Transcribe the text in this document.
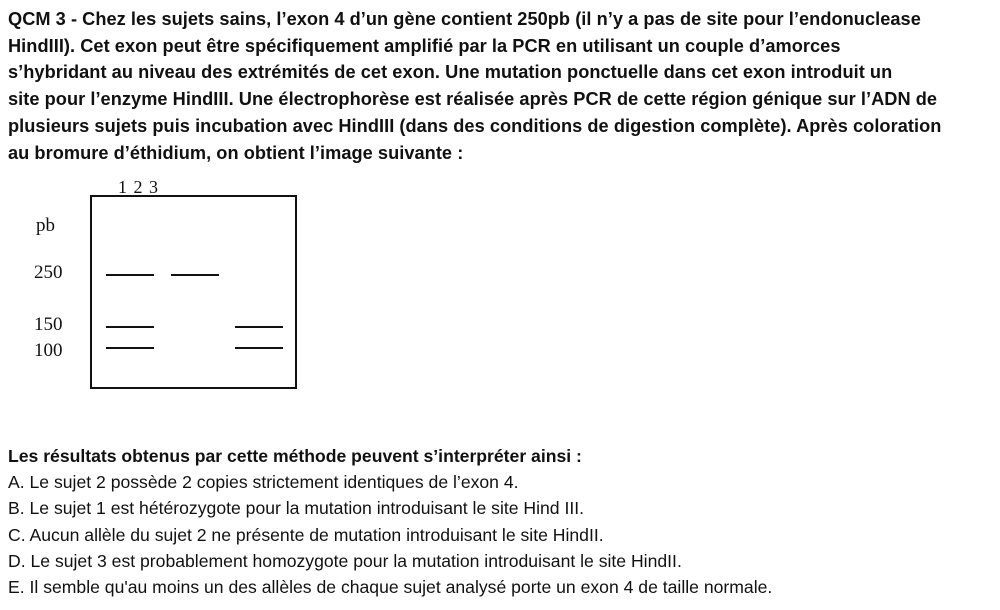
QCM 3 - Chez les sujets sains, l’exon 4 d’un gène contient 250pb (il n’y a pas de site pour l’endonuclease

HindIII). Cet exon peut être spécifiquement amplifié par la PCR en utilisant un couple d’amorces

s’hybridant au niveau des extrémités de cet exon. Une mutation ponctuelle dans cet exon introduit un

site pour l’enzyme HindIII. Une électrophorèse est réalisée après PCR de cette région génique sur l’ADN de

plusieurs sujets puis incubation avec HindIII (dans des conditions de digestion complète). Après coloration

au bromure d’éthidium, on obtient l’image suivante :

1 2 3
pb
250
150
100

Les résultats obtenus par cette méthode peuvent s’interpréter ainsi :

A. Le sujet 2 possède 2 copies strictement identiques de l’exon 4.

B. Le sujet 1 est hétérozygote pour la mutation introduisant le site Hind III.

C. Aucun allèle du sujet 2 ne présente de mutation introduisant le site HindII.

D. Le sujet 3 est probablement homozygote pour la mutation introduisant le site HindII.

E. Il semble qu'au moins un des allèles de chaque sujet analysé porte un exon 4 de taille normale.
